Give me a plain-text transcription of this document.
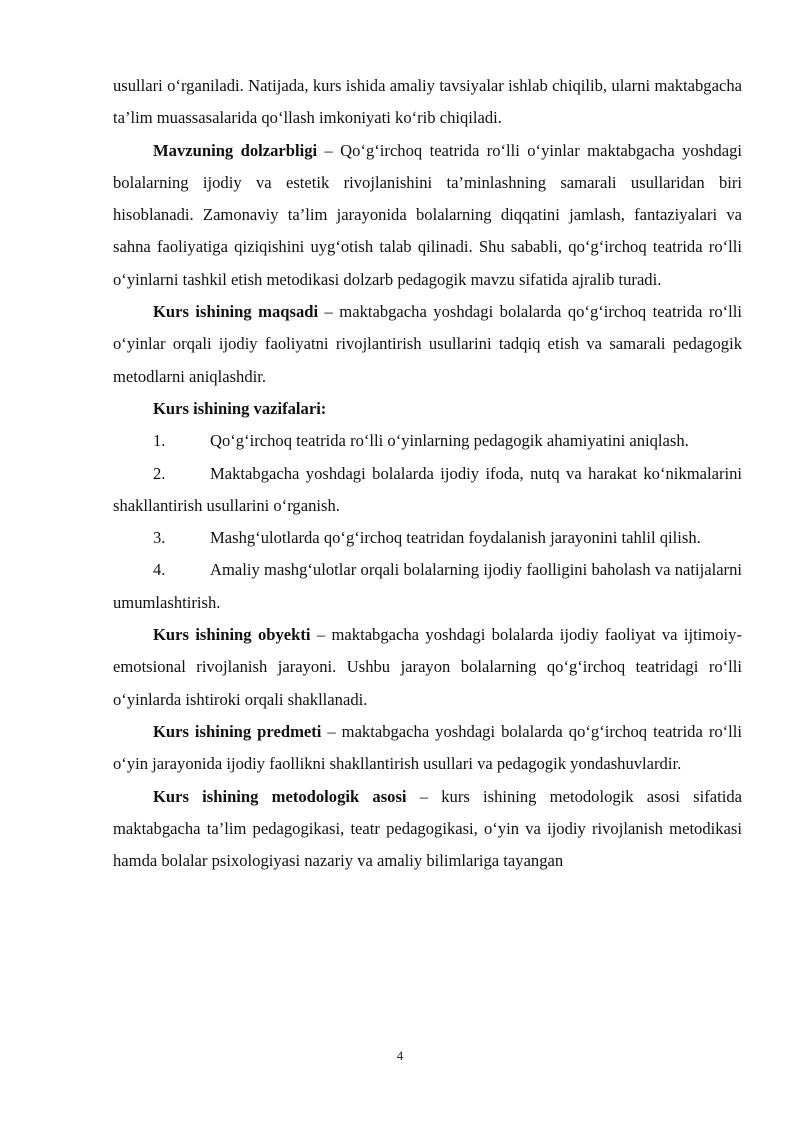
usullari o‘rganiladi. Natijada, kurs ishida amaliy tavsiyalar ishlab chiqilib, ularni maktabgacha ta’lim muassasalarida qo‘llash imkoniyati ko‘rib chiqiladi.

Mavzuning dolzarbligi – Qo‘g‘irchoq teatrida ro‘lli o‘yinlar maktabgacha yoshdagi bolalarning ijodiy va estetik rivojlanishini ta’minlashning samarali usullaridan biri hisoblanadi. Zamonaviy ta’lim jarayonida bolalarning diqqatini jamlash, fantaziyalari va sahna faoliyatiga qiziqishini uyg‘otish talab qilinadi. Shu sababli, qo‘g‘irchoq teatrida ro‘lli o‘yinlarni tashkil etish metodikasi dolzarb pedagogik mavzu sifatida ajralib turadi.

Kurs ishining maqsadi – maktabgacha yoshdagi bolalarda qo‘g‘irchoq teatrida ro‘lli o‘yinlar orqali ijodiy faoliyatni rivojlantirish usullarini tadqiq etish va samarali pedagogik metodlarni aniqlashdir.

Kurs ishining vazifalari:

1.	Qo‘g‘irchoq teatrida ro‘lli o‘yinlarning pedagogik ahamiyatini aniqlash.

2.	Maktabgacha yoshdagi bolalarda ijodiy ifoda, nutq va harakat ko‘nikmalarini shakllantirish usullarini o‘rganish.

3.	Mashg‘ulotlarda qo‘g‘irchoq teatridan foydalanish jarayonini tahlil qilish.

4.	Amaliy mashg‘ulotlar orqali bolalarning ijodiy faolligini baholash va natijalarni umumlashtirish.

Kurs ishining obyekti – maktabgacha yoshdagi bolalarda ijodiy faoliyat va ijtimoiy-emotsional rivojlanish jarayoni. Ushbu jarayon bolalarning qo‘g‘irchoq teatridagi ro‘lli o‘yinlarda ishtiroki orqali shakllanadi.

Kurs ishining predmeti – maktabgacha yoshdagi bolalarda qo‘g‘irchoq teatrida ro‘lli o‘yin jarayonida ijodiy faollikni shakllantirish usullari va pedagogik yondashuvlardir.

Kurs ishining metodologik asosi – kurs ishining metodologik asosi sifatida maktabgacha ta’lim pedagogikasi, teatr pedagogikasi, o‘yin va ijodiy rivojlanish metodikasi hamda bolalar psixologiyasi nazariy va amaliy bilimlariga tayangan

4
